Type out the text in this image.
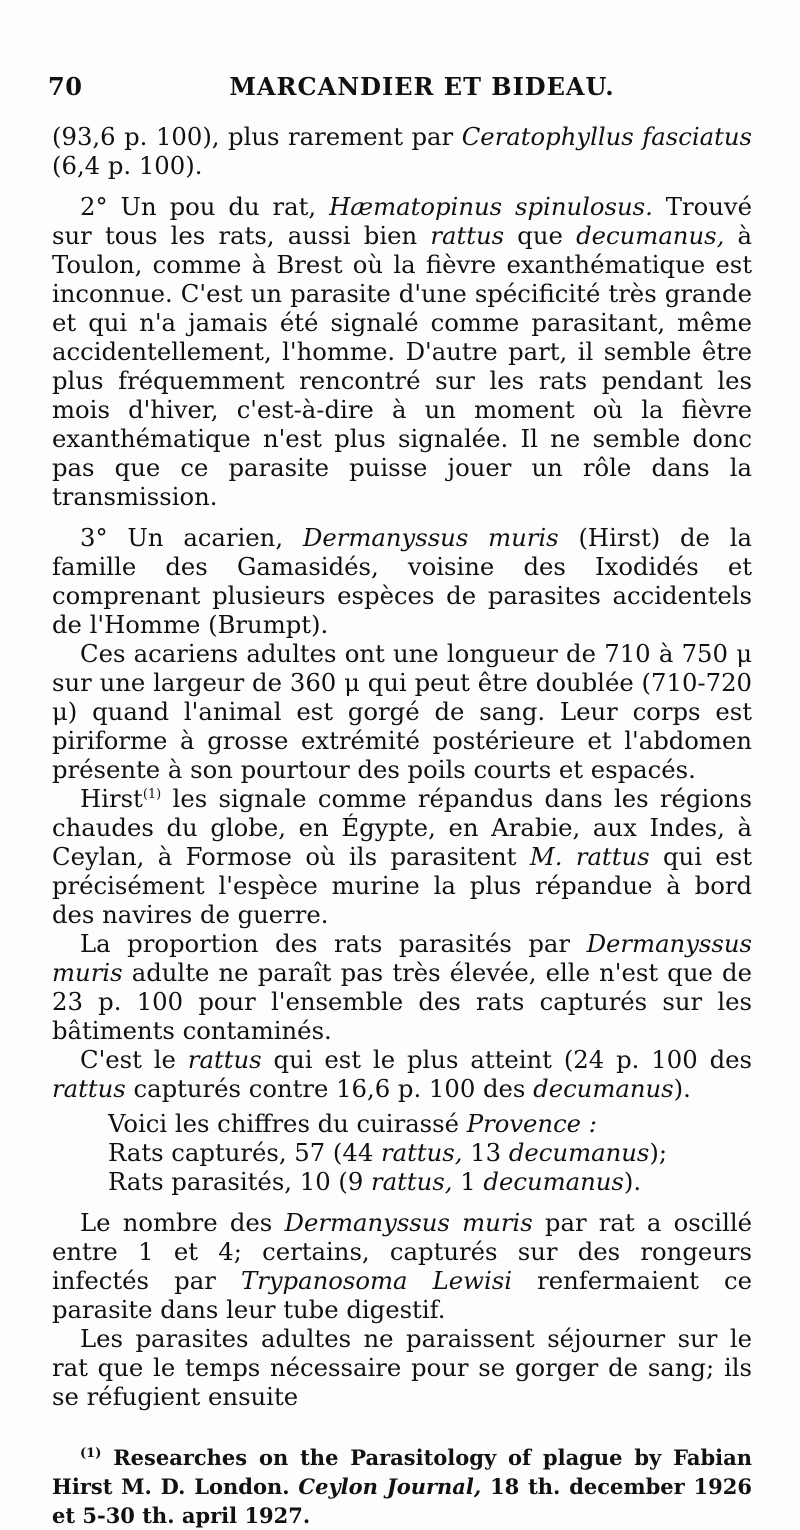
70	MARCANDIER ET BIDEAU.

(93,6 p. 100), plus rarement par Ceratophyllus fasciatus (6,4 p. 100).

2° Un pou du rat, Hæmatopinus spinulosus. Trouvé sur tous les rats, aussi bien rattus que decumanus, à Toulon, comme à Brest où la fièvre exanthématique est inconnue. C'est un parasite d'une spécificité très grande et qui n'a jamais été signalé comme parasitant, même accidentellement, l'homme. D'autre part, il semble être plus fréquemment rencontré sur les rats pendant les mois d'hiver, c'est-à-dire à un moment où la fièvre exanthématique n'est plus signalée. Il ne semble donc pas que ce parasite puisse jouer un rôle dans la transmission.

3° Un acarien, Dermanyssus muris (Hirst) de la famille des Gamasidés, voisine des Ixodidés et comprenant plusieurs espèces de parasites accidentels de l'Homme (Brumpt).

Ces acariens adultes ont une longueur de 710 à 750 μ sur une largeur de 360 μ qui peut être doublée (710-720 μ) quand l'animal est gorgé de sang. Leur corps est piriforme à grosse extrémité postérieure et l'abdomen présente à son pourtour des poils courts et espacés.

Hirst$^{(1)}$ les signale comme répandus dans les régions chaudes du globe, en Égypte, en Arabie, aux Indes, à Ceylan, à Formose où ils parasitent M. rattus qui est précisément l'espèce murine la plus répandue à bord des navires de guerre.

La proportion des rats parasités par Dermanyssus muris adulte ne paraît pas très élevée, elle n'est que de 23 p. 100 pour l'ensemble des rats capturés sur les bâtiments contaminés.

C'est le rattus qui est le plus atteint (24 p. 100 des rattus capturés contre 16,6 p. 100 des decumanus).

Voici les chiffres du cuirassé Provence :

Rats capturés, 57 (44 rattus, 13 decumanus);

Rats parasités, 10 (9 rattus, 1 decumanus).

Le nombre des Dermanyssus muris par rat a oscillé entre 1 et 4; certains, capturés sur des rongeurs infectés par Trypanosoma Lewisi renfermaient ce parasite dans leur tube digestif.

Les parasites adultes ne paraissent séjourner sur le rat que le temps nécessaire pour se gorger de sang; ils se réfugient ensuite

$^{(1)}$ Researches on the Parasitology of plague by Fabian Hirst M. D. London. Ceylon Journal, 18 th. december 1926 et 5-30 th. april 1927.
